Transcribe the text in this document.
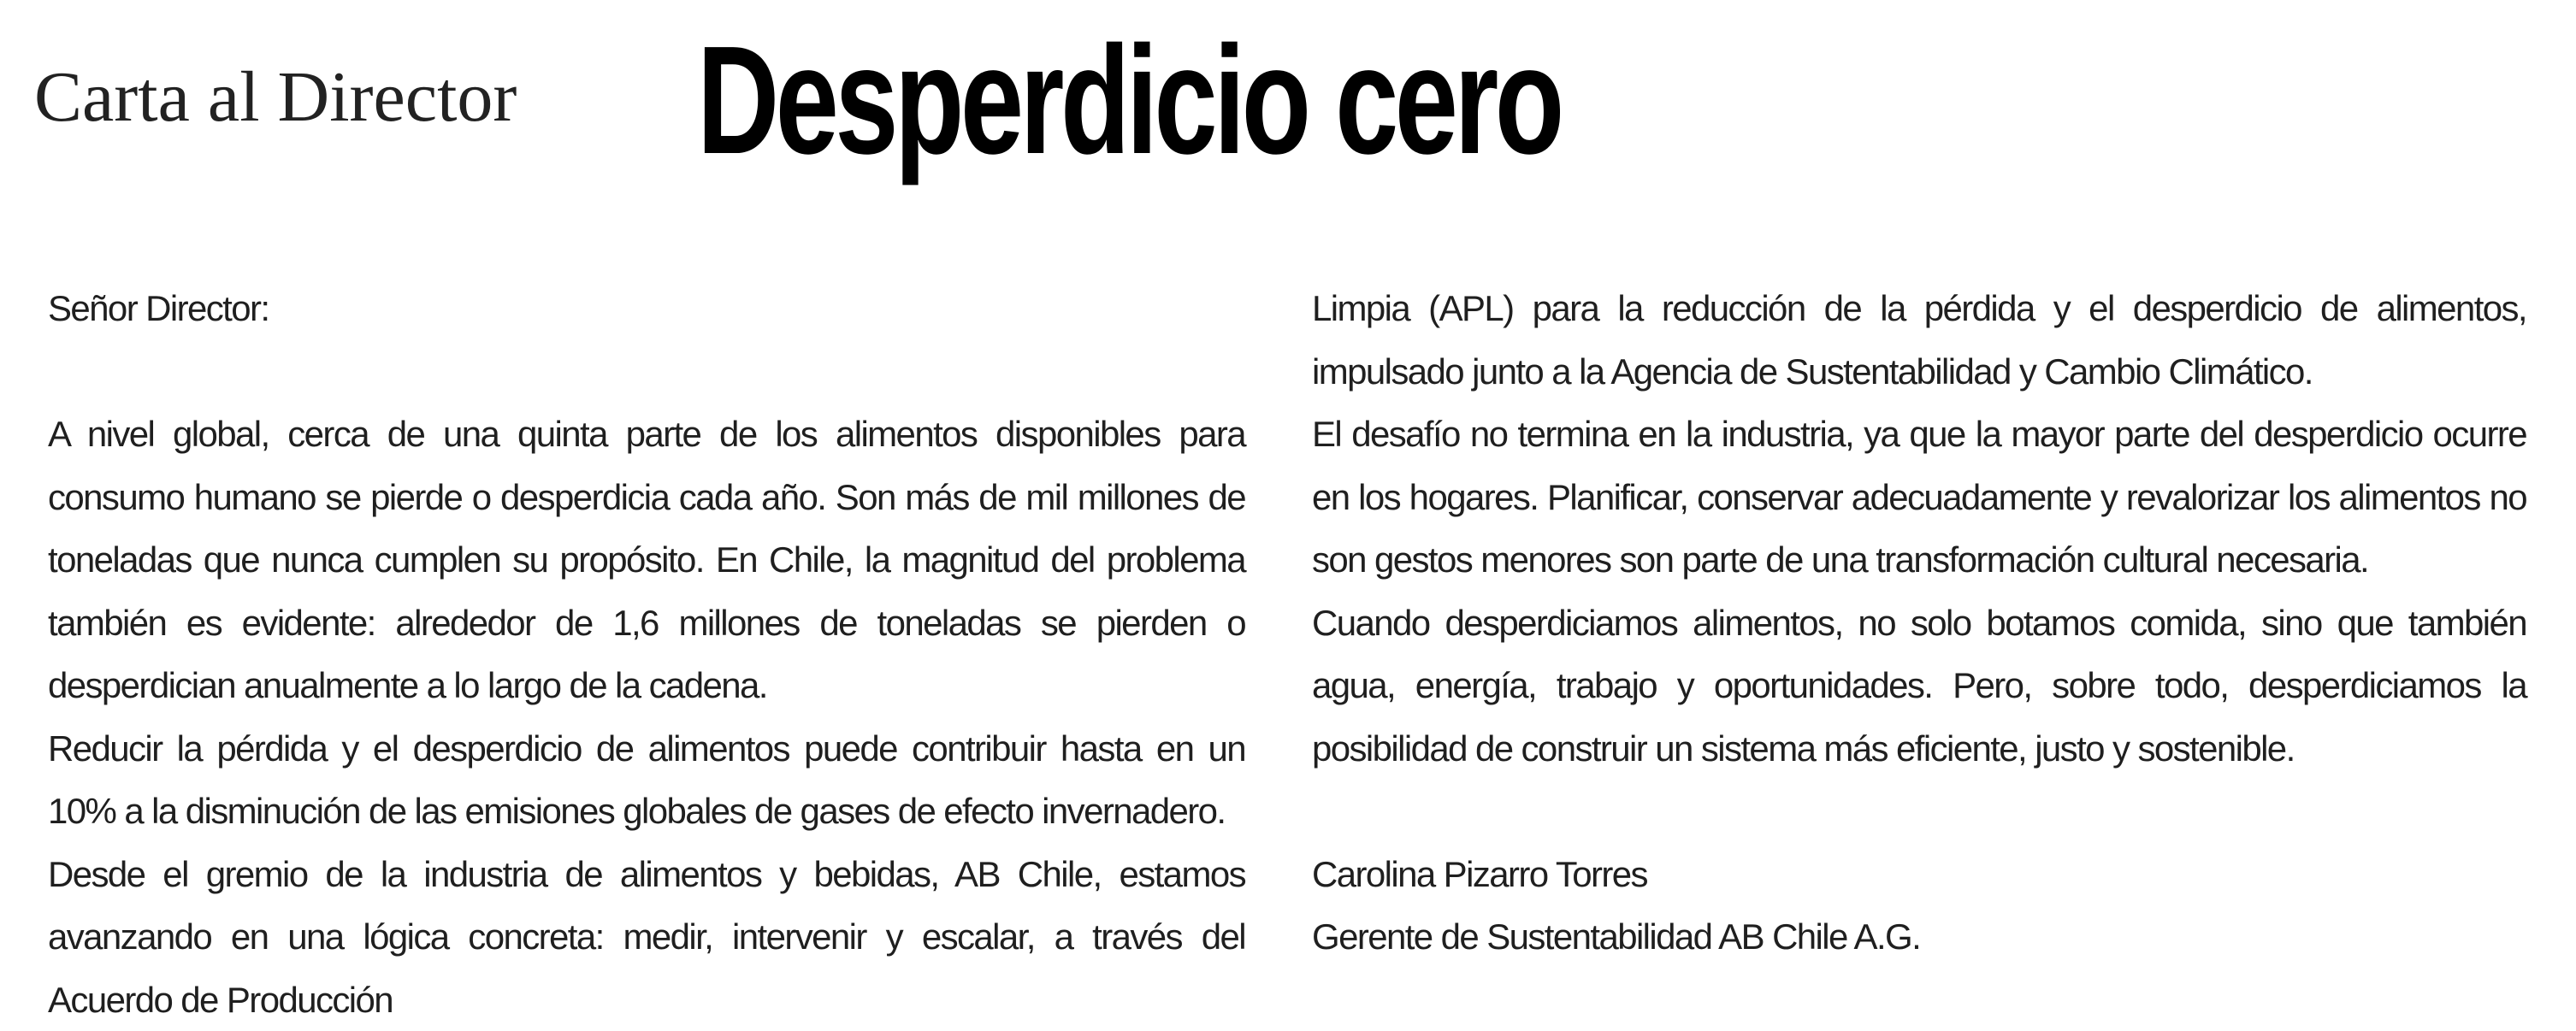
Carta al Director Desperdicio cero

Señor Director:

A nivel global, cerca de una quinta parte de los alimentos disponibles para consumo humano se pierde o desperdicia cada año. Son más de mil millones de toneladas que nunca cumplen su propósito. En Chile, la magnitud del problema también es evidente: alrededor de 1,6 millones de toneladas se pierden o desperdician anualmente a lo largo de la cadena.

Reducir la pérdida y el desperdicio de alimentos puede contribuir hasta en un 10% a la disminución de las emisiones globales de gases de efecto invernadero.

Desde el gremio de la industria de alimentos y bebidas, AB Chile, estamos avanzando en una lógica concreta: medir, intervenir y escalar, a través del Acuerdo de Producción

Limpia (APL) para la reducción de la pérdida y el desperdicio de alimentos, impulsado junto a la Agencia de Sustentabilidad y Cambio Climático.

El desafío no termina en la industria, ya que la mayor parte del desperdicio ocurre en los hogares. Planificar, conservar adecuadamente y revalorizar los alimentos no son gestos menores son parte de una transformación cultural necesaria.

Cuando desperdiciamos alimentos, no solo botamos comida, sino que también agua, energía, trabajo y oportunidades. Pero, sobre todo, desperdiciamos la posibilidad de construir un sistema más eficiente, justo y sostenible.

Carolina Pizarro Torres

Gerente de Sustentabilidad AB Chile A.G.
